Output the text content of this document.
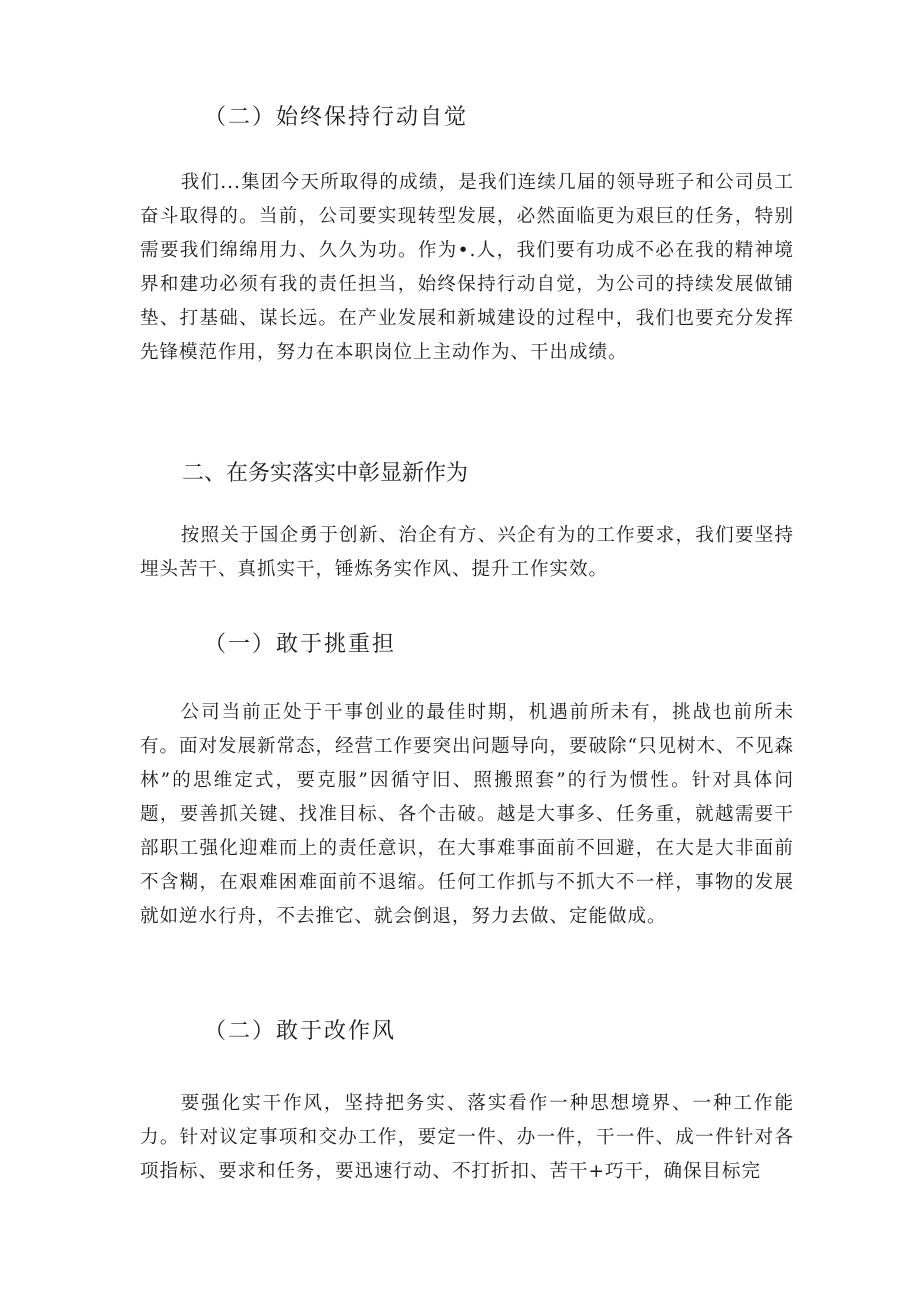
（二）始终保持行动自觉

我们...集团今天所取得的成绩，是我们连续几届的领导班子和公司员工奋斗取得的。当前，公司要实现转型发展，必然面临更为艰巨的任务，特别需要我们绵绵用力、久久为功。作为•.人，我们要有功成不必在我的精神境界和建功必须有我的责任担当，始终保持行动自觉，为公司的持续发展做铺垫、打基础、谋长远。在产业发展和新城建设的过程中，我们也要充分发挥先锋模范作用，努力在本职岗位上主动作为、干出成绩。

二、在务实落实中彰显新作为

按照关于国企勇于创新、治企有方、兴企有为的工作要求，我们要坚持埋头苦干、真抓实干，锤炼务实作风、提升工作实效。

（一）敢于挑重担

公司当前正处于干事创业的最佳时期，机遇前所未有，挑战也前所未有。面对发展新常态，经营工作要突出问题导向，要破除“只见树木、不见森林”的思维定式，要克服”因循守旧、照搬照套”的行为惯性。针对具体问题，要善抓关键、找准目标、各个击破。越是大事多、任务重，就越需要干部职工强化迎难而上的责任意识，在大事难事面前不回避，在大是大非面前不含糊，在艰难困难面前不退缩。任何工作抓与不抓大不一样，事物的发展就如逆水行舟，不去推它、就会倒退，努力去做、定能做成。

（二）敢于改作风

要强化实干作风，坚持把务实、落实看作一种思想境界、一种工作能力。针对议定事项和交办工作，要定一件、办一件，干一件、成一件针对各项指标、要求和任务，要迅速行动、不打折扣、苦干+巧干，确保目标完
